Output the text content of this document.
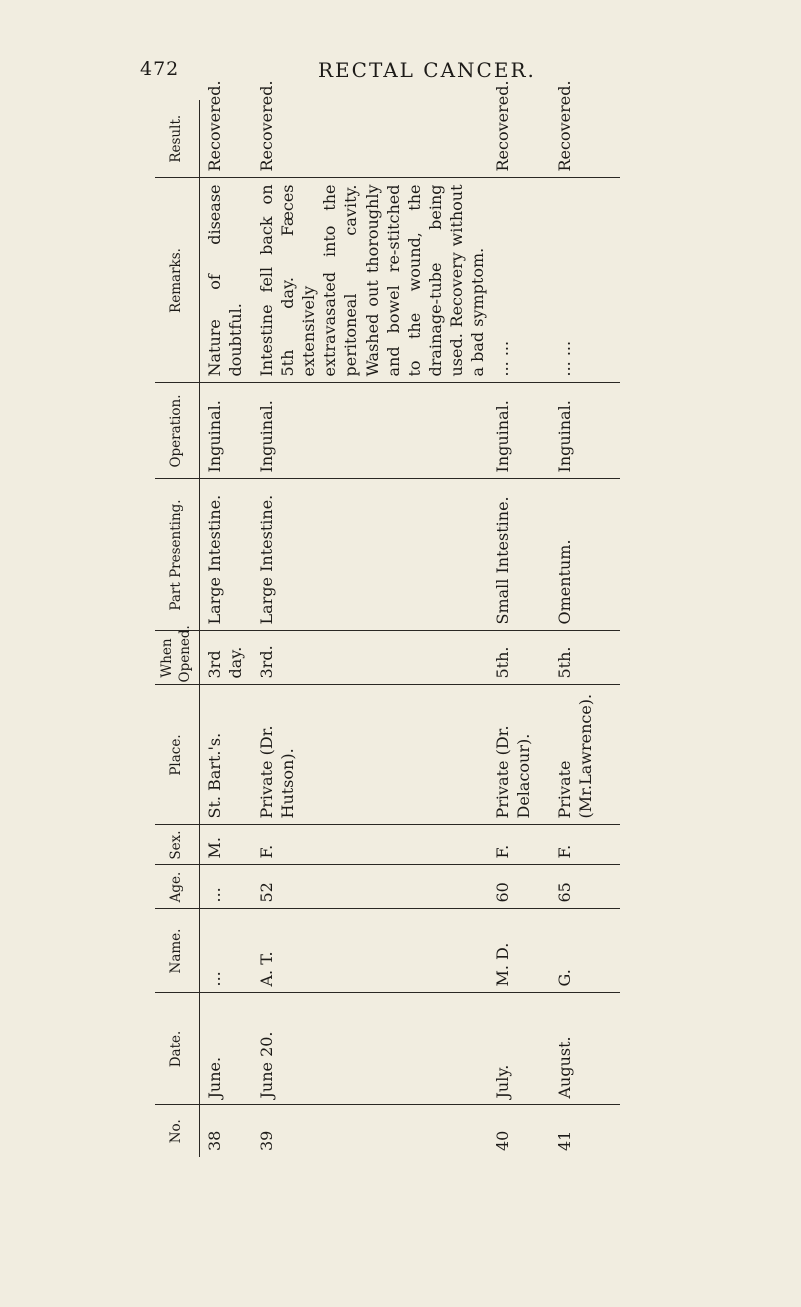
472	RECTAL CANCER.
No.	Date.	Name.	Age.	Sex.	Place.	When Opened.	Part Presenting.	Operation.	Remarks.	Result.
38	June.	...	...	M.	St. Bart.'s.	3rd day.	Large Intestine.	Inguinal.	Nature of disease doubtful.	Recovered.
39	June 20.	A. T.	52	F.	Private (Dr. Hutson).	3rd.	Large Intestine.	Inguinal.	Intestine fell back on 5th day. Fæces extensively extravasated into the peritoneal cavity. Washed out thoroughly and bowel re-stitched to the wound, the drainage-tube being used. Recovery without a bad symptom.	Recovered.
40	July.	M. D.	60	F.	Private (Dr. Delacour).	5th.	Small Intestine.	Inguinal.	... ...	Recovered.
41	August.	G.	65	F.	Private (Mr.Lawrence).	5th.	Omentum.	Inguinal.	... ...	Recovered.
